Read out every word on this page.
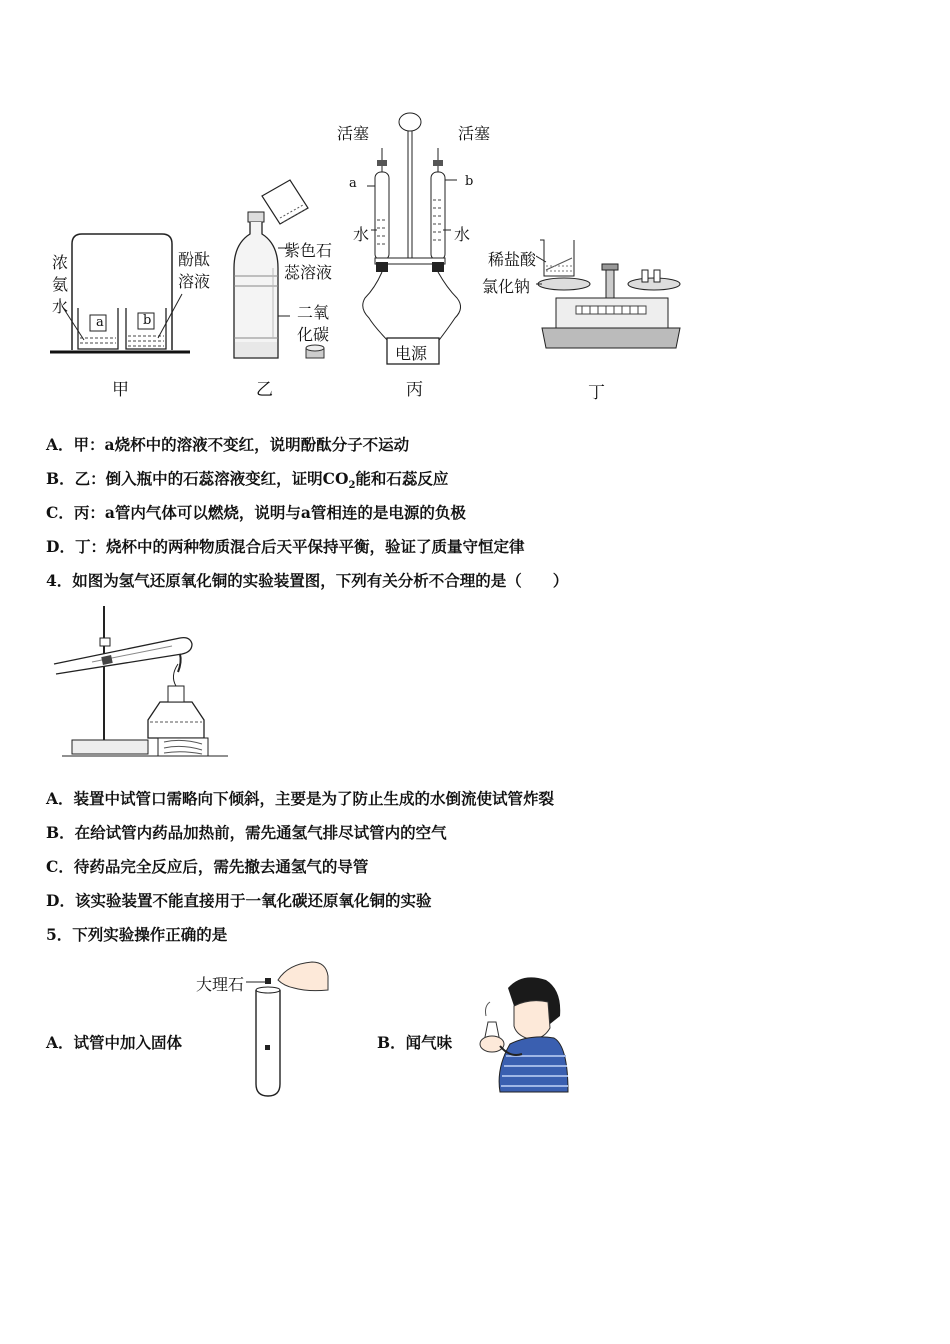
浓
氨
水
酚酞
溶液
a	b
甲
紫色石
蕊溶液
二氧
化碳
乙
活塞	活塞
a	b
水	水
电源
丙
稀盐酸
氯化钠
丁
A．甲：a烧杯中的溶液不变红，说明酚酞分子不运动
B．乙：倒入瓶中的石蕊溶液变红，证明$CO_2$能和石蕊反应
C．丙：a管内气体可以燃烧，说明与a管相连的是电源的负极
D．丁：烧杯中的两种物质混合后天平保持平衡，验证了质量守恒定律
4．如图为氢气还原氧化铜的实验装置图，下列有关分析不合理的是（　　）
A．装置中试管口需略向下倾斜，主要是为了防止生成的水倒流使试管炸裂
B．在给试管内药品加热前，需先通氢气排尽试管内的空气
C．待药品完全反应后，需先撤去通氢气的导管
D．该实验装置不能直接用于一氧化碳还原氧化铜的实验
5．下列实验操作正确的是
A．试管中加入固体
大理石
B．闻气味
